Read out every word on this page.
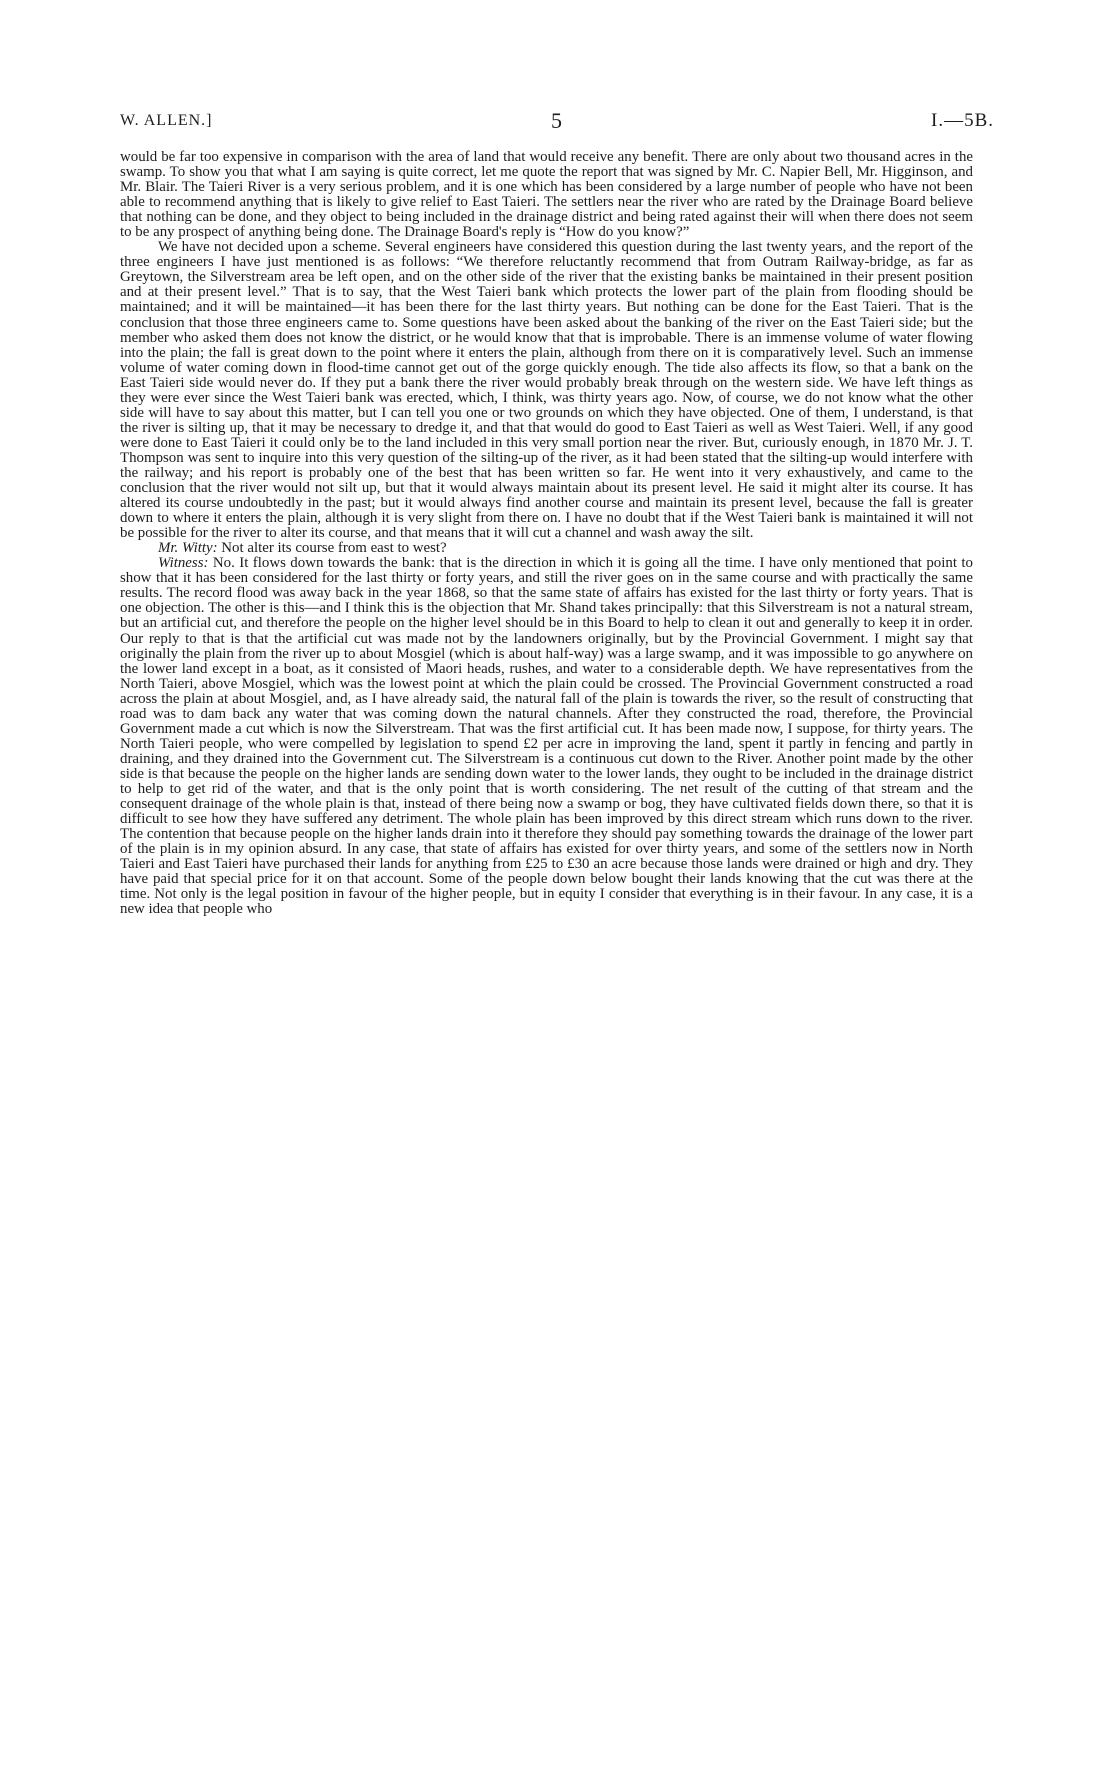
W. ALLEN.]	5	I.—5B.

would be far too expensive in comparison with the area of land that would receive any benefit. There are only about two thousand acres in the swamp. To show you that what I am saying is quite correct, let me quote the report that was signed by Mr. C. Napier Bell, Mr. Higginson, and Mr. Blair. The Taieri River is a very serious problem, and it is one which has been considered by a large number of people who have not been able to recommend anything that is likely to give relief to East Taieri. The settlers near the river who are rated by the Drainage Board believe that nothing can be done, and they object to being included in the drainage district and being rated against their will when there does not seem to be any prospect of anything being done. The Drainage Board's reply is “How do you know?”

We have not decided upon a scheme. Several engineers have considered this question during the last twenty years, and the report of the three engineers I have just mentioned is as follows: “We therefore reluctantly recommend that from Outram Railway-bridge, as far as Greytown, the Silverstream area be left open, and on the other side of the river that the existing banks be maintained in their present position and at their present level.” That is to say, that the West Taieri bank which protects the lower part of the plain from flooding should be maintained; and it will be maintained—it has been there for the last thirty years. But nothing can be done for the East Taieri. That is the conclusion that those three engineers came to. Some questions have been asked about the banking of the river on the East Taieri side; but the member who asked them does not know the district, or he would know that that is improbable. There is an immense volume of water flowing into the plain; the fall is great down to the point where it enters the plain, although from there on it is comparatively level. Such an immense volume of water coming down in flood-time cannot get out of the gorge quickly enough. The tide also affects its flow, so that a bank on the East Taieri side would never do. If they put a bank there the river would probably break through on the western side. We have left things as they were ever since the West Taieri bank was erected, which, I think, was thirty years ago. Now, of course, we do not know what the other side will have to say about this matter, but I can tell you one or two grounds on which they have objected. One of them, I understand, is that the river is silting up, that it may be necessary to dredge it, and that that would do good to East Taieri as well as West Taieri. Well, if any good were done to East Taieri it could only be to the land included in this very small portion near the river. But, curiously enough, in 1870 Mr. J. T. Thompson was sent to inquire into this very question of the silting-up of the river, as it had been stated that the silting-up would interfere with the railway; and his report is probably one of the best that has been written so far. He went into it very exhaustively, and came to the conclusion that the river would not silt up, but that it would always maintain about its present level. He said it might alter its course. It has altered its course undoubtedly in the past; but it would always find another course and maintain its present level, because the fall is greater down to where it enters the plain, although it is very slight from there on. I have no doubt that if the West Taieri bank is maintained it will not be possible for the river to alter its course, and that means that it will cut a channel and wash away the silt.

Mr. Witty: Not alter its course from east to west?

Witness: No. It flows down towards the bank: that is the direction in which it is going all the time. I have only mentioned that point to show that it has been considered for the last thirty or forty years, and still the river goes on in the same course and with practically the same results. The record flood was away back in the year 1868, so that the same state of affairs has existed for the last thirty or forty years. That is one objection. The other is this—and I think this is the objection that Mr. Shand takes principally: that this Silverstream is not a natural stream, but an artificial cut, and therefore the people on the higher level should be in this Board to help to clean it out and generally to keep it in order. Our reply to that is that the artificial cut was made not by the landowners originally, but by the Provincial Government. I might say that originally the plain from the river up to about Mosgiel (which is about half-way) was a large swamp, and it was impossible to go anywhere on the lower land except in a boat, as it consisted of Maori heads, rushes, and water to a considerable depth. We have representatives from the North Taieri, above Mosgiel, which was the lowest point at which the plain could be crossed. The Provincial Government constructed a road across the plain at about Mosgiel, and, as I have already said, the natural fall of the plain is towards the river, so the result of constructing that road was to dam back any water that was coming down the natural channels. After they constructed the road, therefore, the Provincial Government made a cut which is now the Silverstream. That was the first artificial cut. It has been made now, I suppose, for thirty years. The North Taieri people, who were compelled by legislation to spend £2 per acre in improving the land, spent it partly in fencing and partly in draining, and they drained into the Government cut. The Silverstream is a continuous cut down to the River. Another point made by the other side is that because the people on the higher lands are sending down water to the lower lands, they ought to be included in the drainage district to help to get rid of the water, and that is the only point that is worth considering. The net result of the cutting of that stream and the consequent drainage of the whole plain is that, instead of there being now a swamp or bog, they have cultivated fields down there, so that it is difficult to see how they have suffered any detriment. The whole plain has been improved by this direct stream which runs down to the river. The contention that because people on the higher lands drain into it therefore they should pay something towards the drainage of the lower part of the plain is in my opinion absurd. In any case, that state of affairs has existed for over thirty years, and some of the settlers now in North Taieri and East Taieri have purchased their lands for anything from £25 to £30 an acre because those lands were drained or high and dry. They have paid that special price for it on that account. Some of the people down below bought their lands knowing that the cut was there at the time. Not only is the legal position in favour of the higher people, but in equity I consider that everything is in their favour. In any case, it is a new idea that people who
